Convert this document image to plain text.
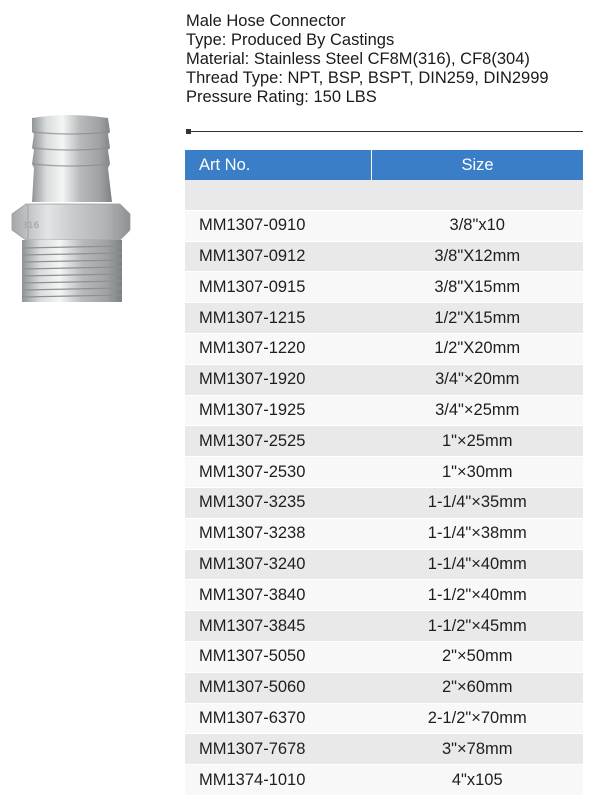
316
Male Hose Connector
Type: Produced By Castings
Material: Stainless Steel CF8M(316), CF8(304)
Thread Type: NPT, BSP, BSPT, DIN259, DIN2999
Pressure Rating: 150 LBS
Art No.	Size

MM1307-0910	3/8"x10
MM1307-0912	3/8"X12mm
MM1307-0915	3/8"X15mm
MM1307-1215	1/2"X15mm
MM1307-1220	1/2"X20mm
MM1307-1920	3/4"×20mm
MM1307-1925	3/4"×25mm
MM1307-2525	1"×25mm
MM1307-2530	1"×30mm
MM1307-3235	1-1/4"×35mm
MM1307-3238	1-1/4"×38mm
MM1307-3240	1-1/4"×40mm
MM1307-3840	1-1/2"×40mm
MM1307-3845	1-1/2"×45mm
MM1307-5050	2"×50mm
MM1307-5060	2"×60mm
MM1307-6370	2-1/2"×70mm
MM1307-7678	3"×78mm
MM1374-1010	4"x105
